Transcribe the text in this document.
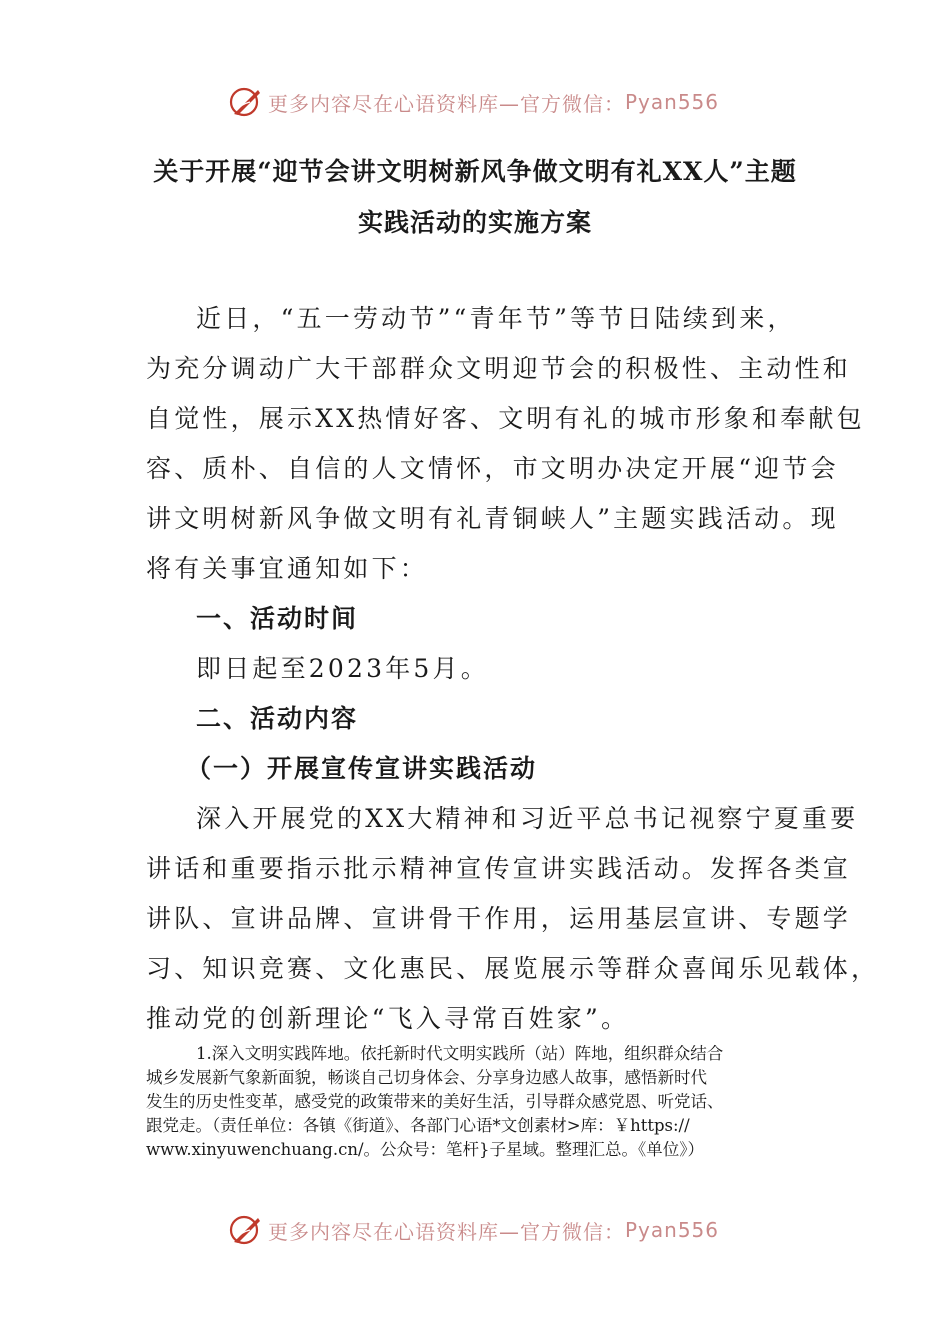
更多内容尽在心语资料库—官方微信： Pyan556
关于开展“迎节会讲文明树新风争做文明有礼XX人”主题
实践活动的实施方案
近日，“五一劳动节”“青年节”等节日陆续到来，
为充分调动广大干部群众文明迎节会的积极性、主动性和
自觉性，展示XX热情好客、文明有礼的城市形象和奉献包
容、质朴、自信的人文情怀，市文明办决定开展“迎节会
讲文明树新风争做文明有礼青铜峡人”主题实践活动。现
将有关事宜通知如下：
一、活动时间
即日起至2023年5月。
二、活动内容
（一）开展宣传宣讲实践活动
深入开展党的XX大精神和习近平总书记视察宁夏重要
讲话和重要指示批示精神宣传宣讲实践活动。发挥各类宣
讲队、宣讲品牌、宣讲骨干作用，运用基层宣讲、专题学
习、知识竞赛、文化惠民、展览展示等群众喜闻乐见载体，
推动党的创新理论“飞入寻常百姓家”。
1.深入文明实践阵地。依托新时代文明实践所（站）阵地，组织群众结合
城乡发展新气象新面貌，畅谈自己切身体会、分享身边感人故事，感悟新时代
发生的历史性变革，感受党的政策带来的美好生活，引导群众感党恩、听党话、
跟党走。（责任单位：各镇《街道》、各部门心语*文创素材>库：￥https://
www.xinyuwenchuang.cn/。公众号：笔杆}子星域。整理汇总。《单位》）
更多内容尽在心语资料库—官方微信： Pyan556
